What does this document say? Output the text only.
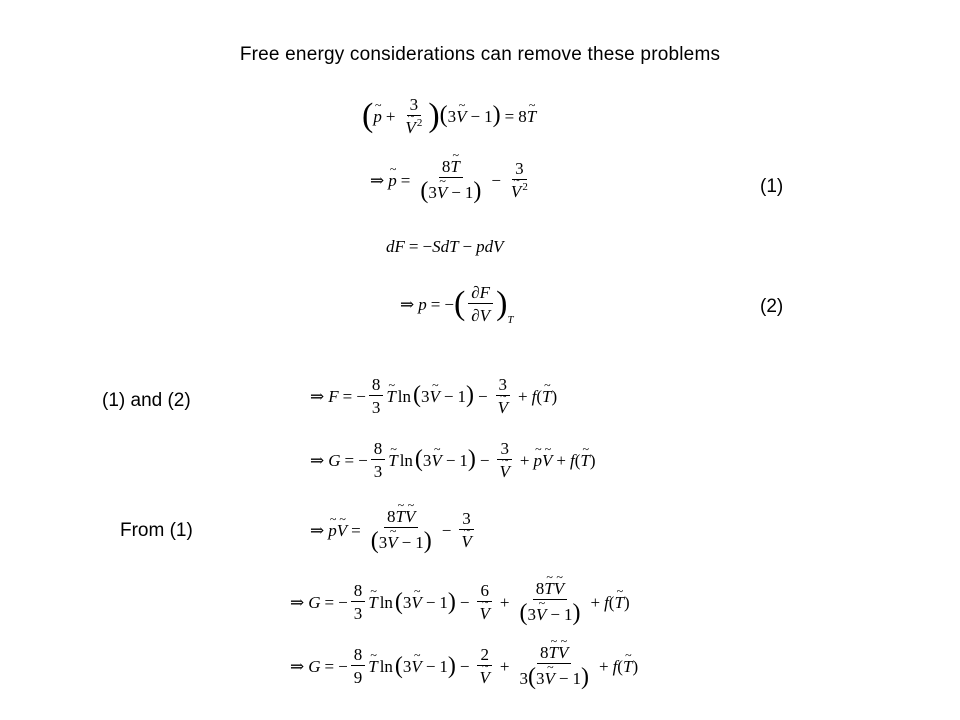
Free energy considerations can remove these problems
( p ~ + $\frac{3}{V \sim^2}$ ) ( 3 V ~ − 1 ) = 8 T ~
⇒ p ~ = $\frac{8T \sim}{(3V \sim - 1)} - \frac{3}{V \sim^2}$	(1)
dF = − SdT − pdV
⇒ p = − ( $\frac{\partial F}{\partial V}$ ) T
(2)
(1) and (2)	⇒ F = − $\frac{8}{3}$ T ~ ln ( 3 V ~ − 1 ) − $\frac{3}{V}$ ~ + f ( T ~ )
⇒ G = − $\frac{8}{3}$ T ~ ln ( 3 V ~ − 1 ) − $\frac{3}{V}$ ~ + p ~ V ~ + f ( T ~ )
From (1)	⇒ p ~ V ~ = $\frac{8T \sim V \sim}{(3V \sim - 1)} - \frac{3}{V}$ ~
⇒ G = − $\frac{8}{3}$ T ~ ln ( 3 V ~ − 1 ) − $\frac{6}{V}$ ~ + $\frac{8T \sim V \sim}{(3V \sim - 1)} + f$ ( T ~ )
⇒ G = − $\frac{8}{9}$ T ~ ln ( 3 V ~ − 1 ) − $\frac{2}{V}$ ~ + $\frac{8T \sim V \sim}{3(3V \sim - 1)} + f$ ( T ~ )
